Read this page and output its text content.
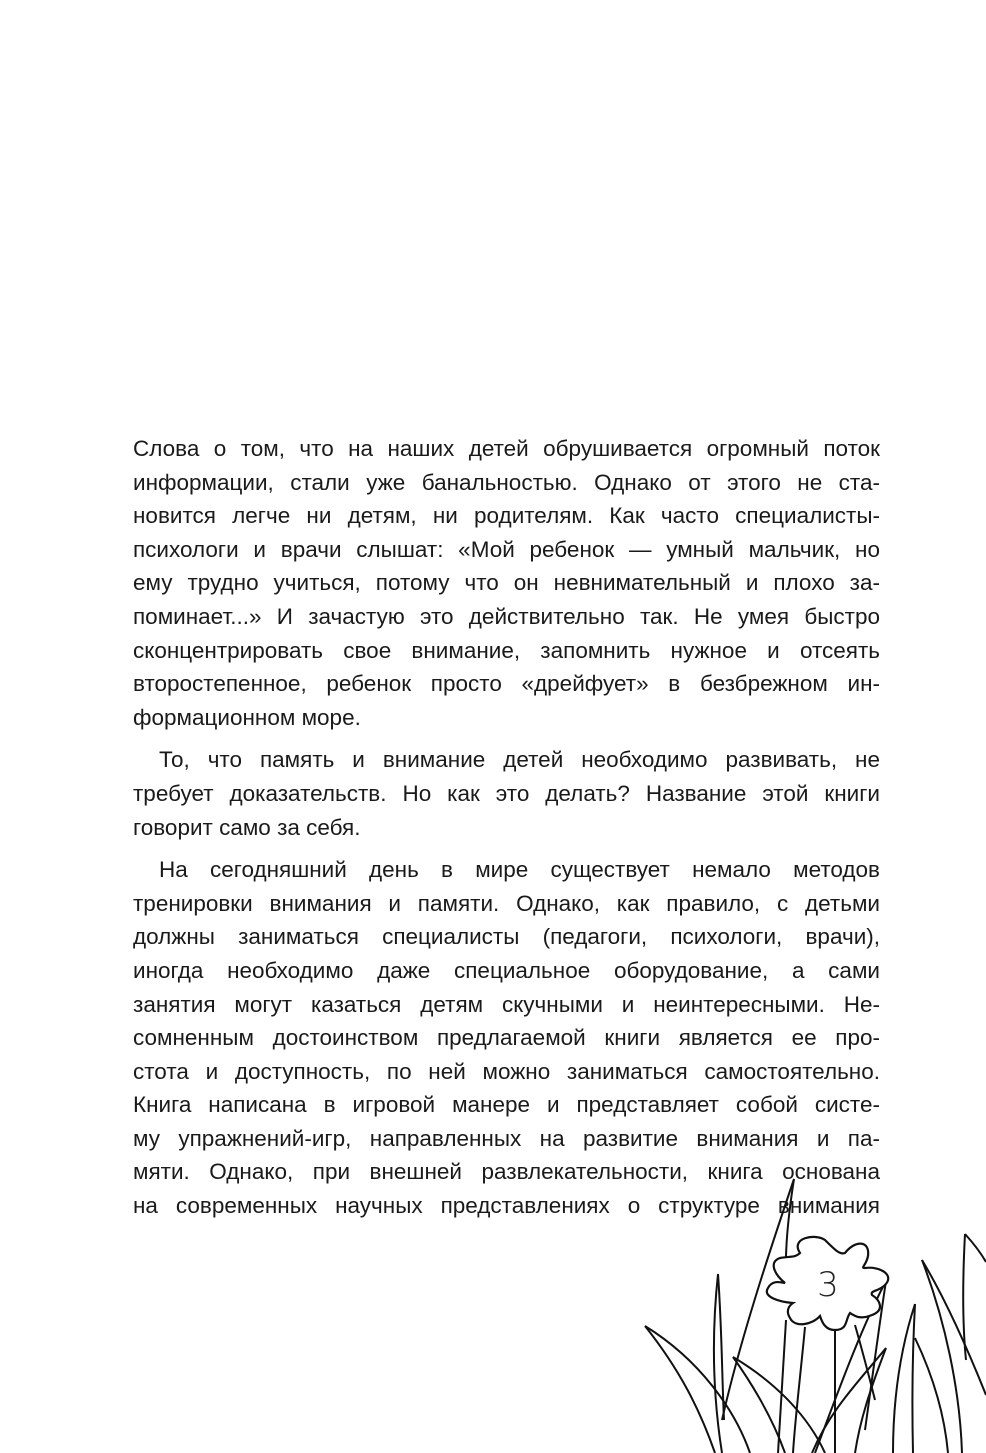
Слова о том, что на наших детей обрушивается огромный поток
информации, стали уже банальностью. Однако от этого не ста-
новится легче ни детям, ни родителям. Как часто специалисты-
психологи и врачи слышат: «Мой ребенок — умный мальчик, но
ему трудно учиться, потому что он невнимательный и плохо за-
поминает...» И зачастую это действительно так. Не умея быстро
сконцентрировать свое внимание, запомнить нужное и отсеять
второстепенное, ребенок просто «дрейфует» в безбрежном ин-
формационном море.
То, что память и внимание детей необходимо развивать, не
требует доказательств. Но как это делать? Название этой книги
говорит само за себя.
На сегодняшний день в мире существует немало методов
тренировки внимания и памяти. Однако, как правило, с детьми
должны заниматься специалисты (педагоги, психологи, врачи),
иногда необходимо даже специальное оборудование, а сами
занятия могут казаться детям скучными и неинтересными. Не-
сомненным достоинством предлагаемой книги является ее про-
стота и доступность, по ней можно заниматься самостоятельно.
Книга написана в игровой манере и представляет собой систе-
му упражнений-игр, направленных на развитие внимания и па-
мяти. Однако, при внешней развлекательности, книга основана
на современных научных представлениях о структуре внимания
3
